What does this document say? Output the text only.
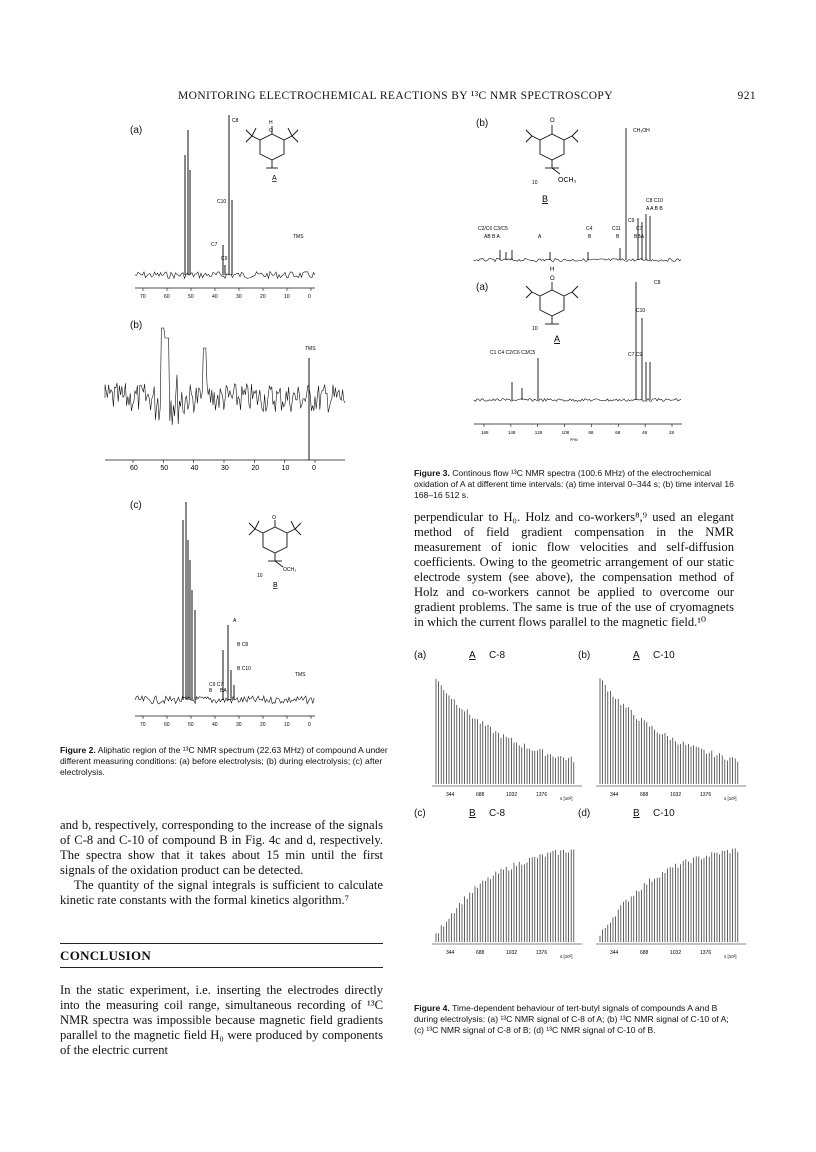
MONITORING ELECTROCHEMICAL REACTIONS BY ¹³C NMR SPECTROSCOPY	921
(a)
C8
C10
C7
C9
TMS
70	60	50	40	30	20	10	0
H
O
A
(b)
TMS
60	50	40	30	20	10	0
(c)
B C8
A
B C10
TMS
C9 C7
B BA
70	60	50	40	30	20	10	0
O
OCH₃
10
B
Figure 2. Aliphatic region of the ¹³C NMR spectrum (22.63 MHz) of compound A under different measuring conditions: (a) before electrolysis; (b) during electrolysis; (c) after electrolysis.
(b)	O
OCH₃
10
B
CH₃OH
C8 C10
A A B B
C9
C7
C2/C6 C3/C5
AB B A	A
C4
B
C11
B	BBA
(a)
H
O
10
A
C8
C10
C1 C4 C2/C6 C3/C5	C7 C9
168	148	128	108	88	68	48	28
PPM
Figure 3. Continous flow ¹³C NMR spectra (100.6 MHz) of the electrochemical oxidation of A at different time intervals: (a) time interval 0–344 s; (b) time interval 16 168–16 512 s.

perpendicular to H₀. Holz and co-workers⁸,⁹ used an elegant method of field gradient compensation in the NMR measurement of ionic flow velocities and self-diffusion coefficients. Owing to the geometric arrangement of our static electrode system (see above), the compensation method of Holz and co-workers cannot be applied to overcome our gradient problems. The same is true of the use of cryomagnets in which the current flows parallel to the magnetic field.¹⁰

(a)	A C-8
344	688	1032	1376
s [10²]
(b)	A C-10
344	688	1032	1376
s [10²]
(c)	B C-8
344	688	1032	1376
s [10²]
(d)	B C-10
344	688	1032	1376
s [10²]
Figure 4. Time-dependent behaviour of tert-butyl signals of compounds A and B during electrolysis: (a) ¹³C NMR signal of C-8 of A; (b) ¹³C NMR signal of C-10 of A; (c) ¹³C NMR signal of C-8 of B; (d) ¹³C NMR signal of C-10 of B.

and b, respectively, corresponding to the increase of the signals of C-8 and C-10 of compound B in Fig. 4c and d, respectively. The spectra show that it takes about 15 min until the first signals of the oxidation product can be detected.

The quantity of the signal integrals is sufficient to calculate kinetic rate constants with the formal kinetics algorithm.⁷

CONCLUSION

In the static experiment, i.e. inserting the electrodes directly into the measuring coil range, simultaneous recording of ¹³C NMR spectra was impossible because magnetic field gradients parallel to the magnetic field H₀ were produced by components of the electric current
